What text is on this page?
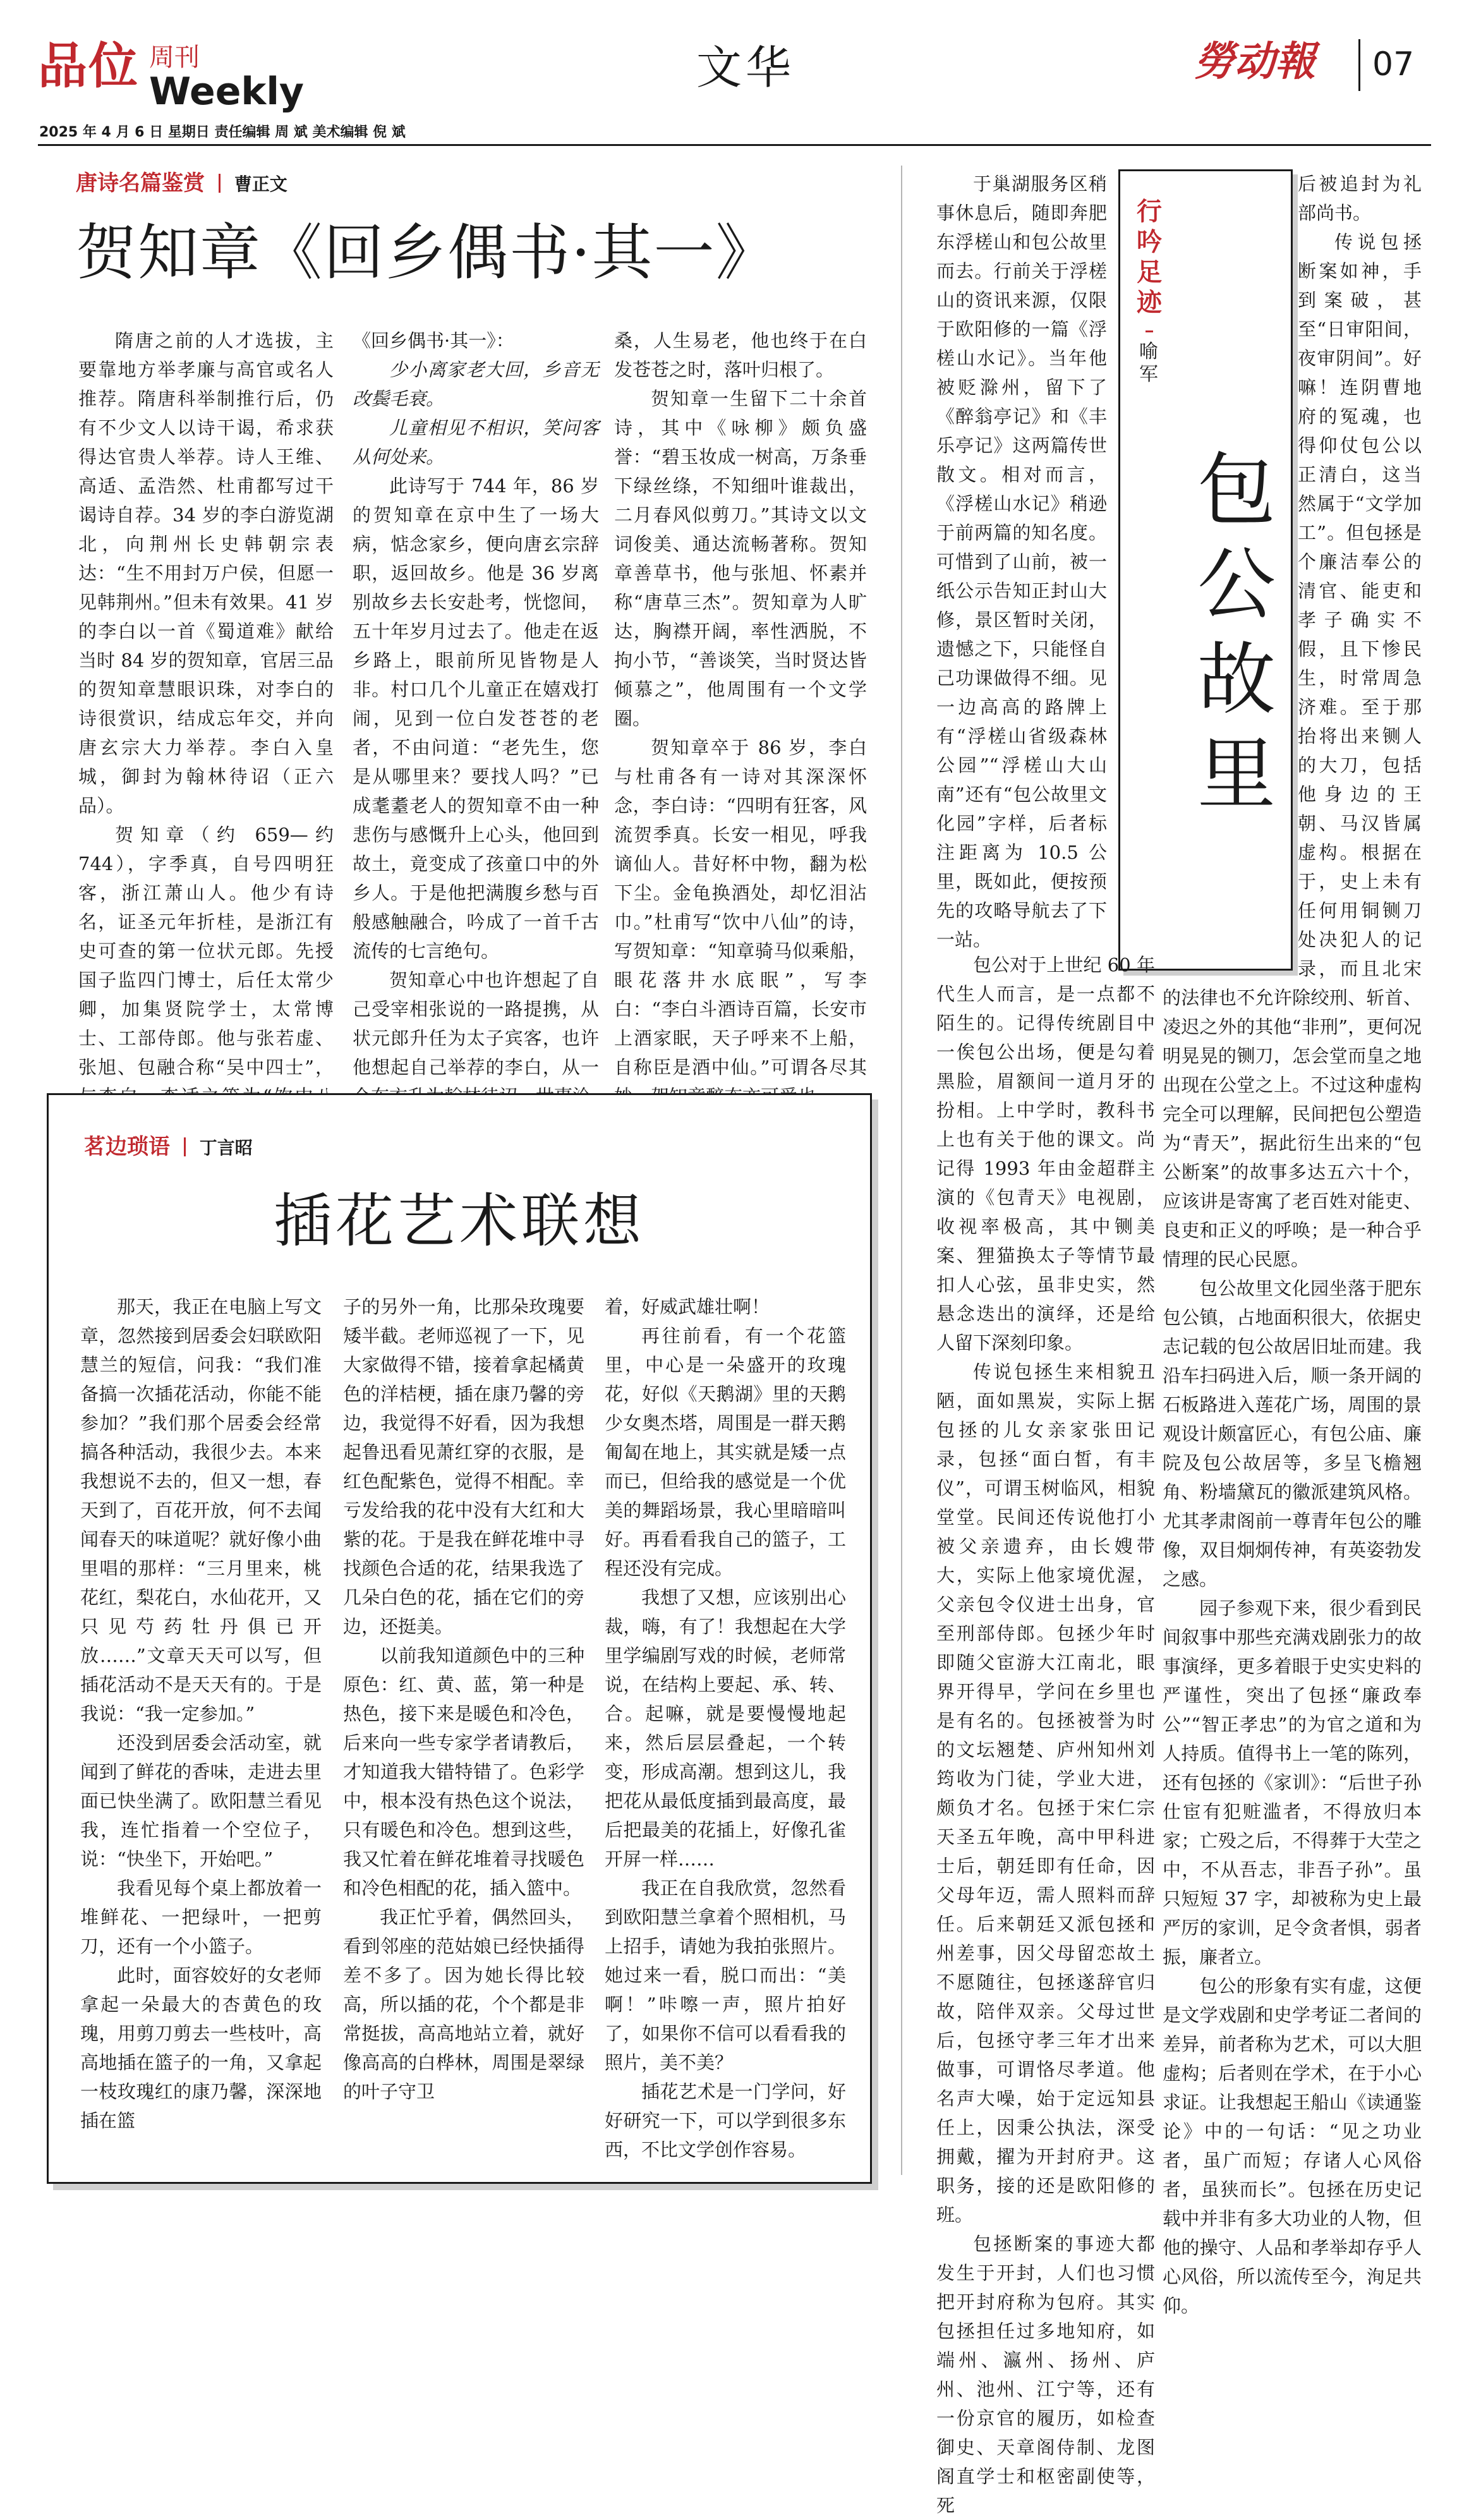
品位 周刊
Weekly	文华	勞动報 07
2025 年 4 月 6 日 星期日 责任编辑 周 斌 美术编辑 倪 斌
唐诗名篇鉴赏 曹正文
贺知章《回乡偶书·其一》

隋唐之前的人才选拔，主要靠地方举孝廉与高官或名人推荐。隋唐科举制推行后，仍有不少文人以诗干谒，希求获得达官贵人举荐。诗人王维、高适、孟浩然、杜甫都写过干谒诗自荐。34 岁的李白游览湖北，向荆州长史韩朝宗表达：“生不用封万户侯，但愿一见韩荆州。”但未有效果。41 岁的李白以一首《蜀道难》献给当时 84 岁的贺知章，官居三品的贺知章慧眼识珠，对李白的诗很赏识，结成忘年交，并向唐玄宗大力举荐。李白入皇城，御封为翰林待诏（正六品）。

贺知章（约 659—约 744），字季真，自号四明狂客，浙江萧山人。他少有诗名，证圣元年折桂，是浙江有史可查的第一位状元郎。先授国子监四门博士，后任太常少卿，加集贤院学士，太常博士、工部侍郎。他与张若虚、张旭、包融合称“吴中四士”，

《回乡偶书·其一》：

少小离家老大回，乡音无改鬓毛衰。

儿童相见不相识，笑问客从何处来。

此诗写于 744 年，86 岁的贺知章在京中生了一场大病，惦念家乡，便向唐玄宗辞职，返回故乡。他是 36 岁离别故乡去长安赴考，恍惚间，五十年岁月过去了。他走在返乡路上，眼前所见皆物是人非。村口几个儿童正在嬉戏打闹，见到一位白发苍苍的老者，不由问道：“老先生，您是从哪里来？要找人吗？”已成耄耋老人的贺知章不由一种悲伤与感慨升上心头，他回到故土，竟变成了孩童口中的外乡人。于是他把满腹乡愁与百般感触融合，吟成了一首千古流传的七言绝句。

贺知章心中也许想起了自己受宰相张说的一路提携，从状元郎升任为太子宾客，也许他想起自己举荐的李白，从一

桑，人生易老，他也终于在白发苍苍之时，落叶归根了。

贺知章一生留下二十余首诗，其中《咏柳》颇负盛誉：“碧玉妆成一树高，万条垂下绿丝绦，不知细叶谁裁出，二月春风似剪刀。”其诗文以文词俊美、通达流畅著称。贺知章善草书，他与张旭、怀素并称“唐草三杰”。贺知章为人旷达，胸襟开阔，率性洒脱，不拘小节，“善谈笑，当时贤达皆倾慕之”，他周围有一个文学圈。

贺知章卒于 86 岁，李白与杜甫各有一诗对其深深怀念，李白诗：“四明有狂客，风流贺季真。长安一相见，呼我谪仙人。昔好杯中物，翻为松下尘。金龟换酒处，却忆泪沾巾。”杜甫写“饮中八仙”的诗，写贺知章：“知章骑马似乘船，眼花落井水底眠”，写李白：“李白斗酒诗百篇，长安市上酒家眠，天子呼来不上船，自称臣是酒中仙。”可谓各尽其

茗边琐语 丁言昭
插花艺术联想

那天，我正在电脑上写文章，忽然接到居委会妇联欧阳慧兰的短信，问我：“我们准备搞一次插花活动，你能不能参加？”我们那个居委会经常搞各种活动，我很少去。本来我想说不去的，但又一想，春天到了，百花开放，何不去闻闻春天的味道呢？就好像小曲里唱的那样：“三月里来，桃花红，梨花白，水仙花开，又只见芍药牡丹俱已开放……”文章天天可以写，但插花活动不是天天有的。于是我说：“我一定参加。”

还没到居委会活动室，就闻到了鲜花的香味，走进去里面已快坐满了。欧阳慧兰看见我，连忙指着一个空位子，说：“快坐下，开始吧。”

我看见每个桌上都放着一堆鲜花、一把绿叶，一把剪刀，还有一个小篮子。

此时，面容姣好的女老师拿起一朵最大的杏黄色的玫瑰，用剪刀剪去一些枝叶，高高地插在篮子的一角，又拿起一枝玫瑰红的康乃馨，深深地插在篮

子的另外一角，比那朵玫瑰要矮半截。老师巡视了一下，见大家做得不错，接着拿起橘黄色的洋桔梗，插在康乃馨的旁边，我觉得不好看，因为我想起鲁迅看见萧红穿的衣服，是红色配紫色，觉得不相配。幸亏发给我的花中没有大红和大紫的花。于是我在鲜花堆中寻找颜色合适的花，结果我选了几朵白色的花，插在它们的旁边，还挺美。

以前我知道颜色中的三种原色：红、黄、蓝，第一种是热色，接下来是暖色和冷色，后来向一些专家学者请教后，才知道我大错特错了。色彩学中，根本没有热色这个说法，只有暖色和冷色。想到这些，我又忙着在鲜花堆着寻找暖色和冷色相配的花，插入篮中。

我正忙乎着，偶然回头，看到邻座的范姑娘已经快插得差不多了。因为她长得比较高，所以插的花，个个都是非常挺拔，高高地站立着，就好像高高的白桦林，周围是翠绿的叶子守卫

着，好威武雄壮啊！

再往前看，有一个花篮里，中心是一朵盛开的玫瑰花，好似《天鹅湖》里的天鹅少女奥杰塔，周围是一群天鹅匍匐在地上，其实就是矮一点而已，但给我的感觉是一个优美的舞蹈场景，我心里暗暗叫好。再看看我自己的篮子，工程还没有完成。

我想了又想，应该别出心裁，嗨，有了！我想起在大学里学编剧写戏的时候，老师常说，在结构上要起、承、转、合。起嘛，就是要慢慢地起来，然后层层叠起，一个转变，形成高潮。想到这儿，我把花从最低度插到最高度，最后把最美的花插上，好像孔雀开屏一样……

我正在自我欣赏，忽然看到欧阳慧兰拿着个照相机，马上招手，请她为我拍张照片。她过来一看，脱口而出：“美啊！”咔嚓一声，照片拍好了，如果你不信可以看看我的照片，美不美？

插花艺术是一门学问，好好研究一下，可以学到很多东西，不比文学创作容易。

行吟足迹
喻军
包公故里

于巢湖服务区稍事休息后，随即奔肥东浮槎山和包公故里而去。行前关于浮槎山的资讯来源，仅限于欧阳修的一篇《浮槎山水记》。当年他被贬滁州，留下了《醉翁亭记》和《丰乐亭记》这两篇传世散文。相对而言，《浮槎山水记》稍逊于前两篇的知名度。可惜到了山前，被一纸公示告知正封山大修，景区暂时关闭，遗憾之下，只能怪自己功课做得不细。见一边高高的路牌上有“浮槎山省级森林公园”“浮槎山大山南”还有“包公故里文化园”字样，后者标注距离为 10.5 公里，既如此，便按预先的攻略导航去了下一站。

包公对于上世纪 60 年代生人而言，是一点都不陌生的。记得传统剧目中一俟包公出场，便是勾着黑脸，眉额间一道月牙的扮相。上中学时，教科书上也有关于他的课文。尚记得 1993 年由金超群主演的《包青天》电视剧，收视率极高，其中铡美案、狸猫换太子等情节最扣人心弦，虽非史实，然悬念迭出的演绎，还是给人留下深刻印象。

传说包拯生来相貌丑陋，面如黑炭，实际上据包拯的儿女亲家张田记录，包拯“面白皙，有丰仪”，可谓玉树临风，相貌堂堂。民间还传说他打小被父亲遗弃，由长嫂带大，实际上他家境优渥，父亲包令仪进士出身，官至刑部侍郎。包拯少年时即随父宦游大江南北，眼界开得早，学问在乡里也是有名的。包拯被誉为时的文坛翘楚、庐州知州刘筠收为门徒，学业大进，颇负才名。包拯于宋仁宗天圣五年晚，高中甲科进士后，朝廷即有任命，因父母年迈，需人照料而辞任。后来朝廷又派包拯和州差事，因父母留恋故土不愿随往，包拯遂辞官归故，陪伴双亲。父母过世后，包拯守孝三年才出来做事，可谓恪尽孝道。他名声大噪，始于定远知县任上，因秉公执法，深受拥戴，擢为开封府尹。这职务，接的还是欧阳修的班。

包拯断案的事迹大都发生于开封，人们也习惯把开封府称为包府。其实包拯担任过多地知府，如端州、瀛州、扬州、庐州、池州、江宁等，还有一份京官的履历，如检查御史、天章阁侍制、龙图阁直学士和枢密副使等，死

后被追封为礼部尚书。

传说包拯断案如神，手到案破，甚至“日审阳间，夜审阴间”。好嘛！连阴曹地府的冤魂，也得仰仗包公以正清白，这当然属于“文学加工”。但包拯是个廉洁奉公的清官、能吏和孝子确实不假，且下惨民生，时常周急济难。至于那抬将出来铡人的大刀，包括他身边的王朝、马汉皆属虚构。根据在于，史上未有任何用铜铡刀处决犯人的记录，而且北宋的法律也不允许除绞刑、斩首、凌迟之外的其他“非刑”，更何况明晃晃的铡刀，怎会堂而皇之地出现在公堂之上。不过这种虚构完全可以理解，民间把包公塑造为“青天”，据此衍生出来的“包公断案”的故事多达五六十个，应该讲是寄寓了老百姓对能吏、良吏和正义的呼唤；是一种合乎情理的民心民愿。

包公故里文化园坐落于肥东包公镇，占地面积很大，依据史志记载的包公故居旧址而建。我沿车扫码进入后，顺一条开阔的石板路进入莲花广场，周围的景观设计颇富匠心，有包公庙、廉院及包公故居等，多呈飞檐翘角、粉墙黛瓦的徽派建筑风格。尤其孝肃阁前一尊青年包公的雕像，双目炯炯传神，有英姿勃发之感。

园子参观下来，很少看到民间叙事中那些充满戏剧张力的故事演绎，更多着眼于史实史料的严谨性，突出了包拯“廉政奉公”“智正孝忠”的为官之道和为人持质。值得书上一笔的陈列，还有包拯的《家训》：“后世子孙仕宦有犯赃滥者，不得放归本家；亡殁之后，不得葬于大茔之中，不从吾志，非吾子孙”。虽只短短 37 字，却被称为史上最严厉的家训，足令贪者惧，弱者振，廉者立。

包公的形象有实有虚，这便是文学戏剧和史学考证二者间的差异，前者称为艺术，可以大胆虚构；后者则在学术，在于小心求证。让我想起王船山《读通鉴论》中的一句话：“见之功业者，虽广而短；存诸人心风俗者，虽狭而长”。包拯在历史记载中并非有多大功业的人物，但他的操守、人品和孝举却存乎人心风俗，所以流传至今，洵足共仰。
